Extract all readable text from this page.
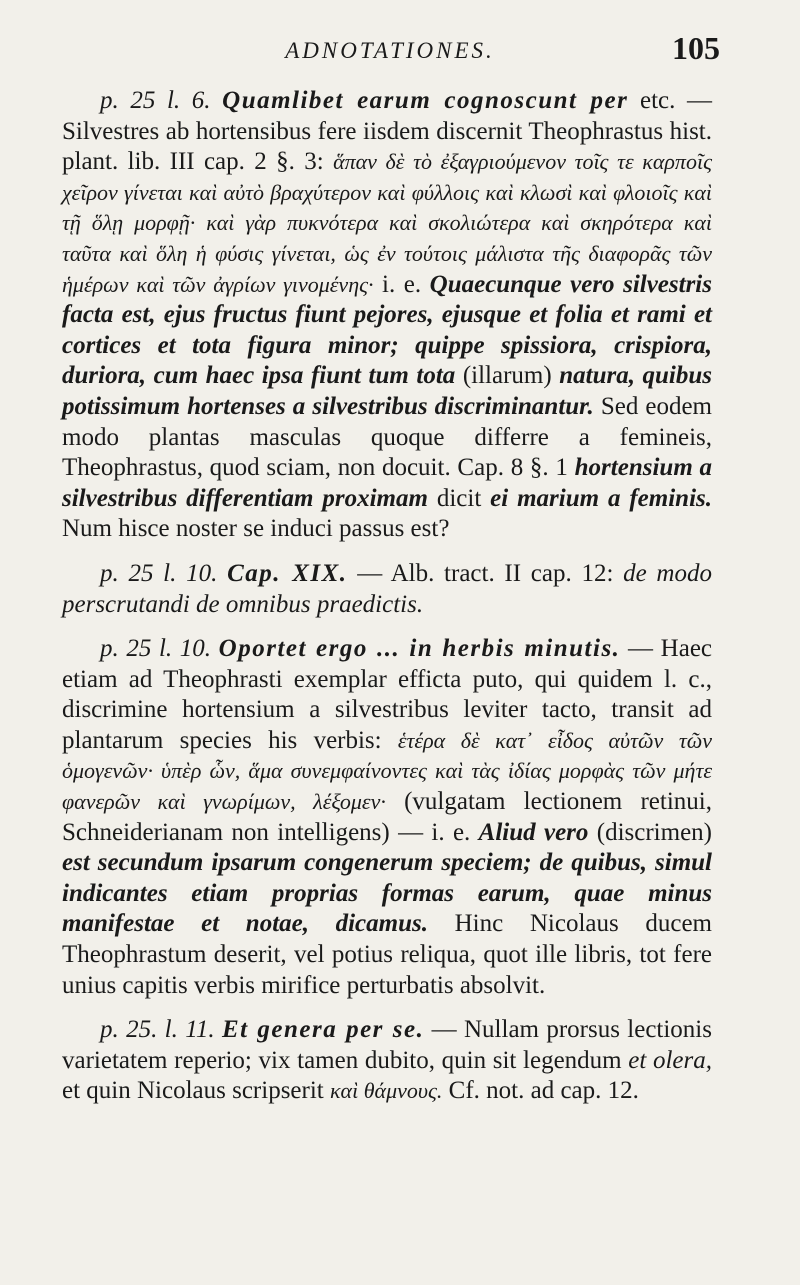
ADNOTATIONES.	105

p. 25 l. 6. Quamlibet earum cognoscunt per etc. — Silvestres ab hortensibus fere iisdem discernit Theophrastus hist. plant. lib. III cap. 2 §. 3: ἅπαν δὲ τὸ ἐξαγριούμενον τοῖς τε καρποῖς χεῖρον γίνεται καὶ αὐτὸ βραχύτερον καὶ φύλλοις καὶ κλωσὶ καὶ φλοιοῖς καὶ τῇ ὅλῃ μορφῇ· καὶ γὰρ πυκνότερα καὶ σκολιώτερα καὶ σκηρότερα καὶ ταῦτα καὶ ὅλη ἡ φύσις γίνεται, ὡς ἐν τούτοις μάλιστα τῆς διαφορᾶς τῶν ἡμέρων καὶ τῶν ἀγρίων γινομένης· i. e. Quaecunque vero silvestris facta est, ejus fructus fiunt pejores, ejusque et folia et rami et cortices et tota figura minor; quippe spissiora, crispiora, duriora, cum haec ipsa fiunt tum tota (illarum) natura, quibus potissimum hortenses a silvestribus discriminantur. Sed eodem modo plantas masculas quoque differre a femineis, Theophrastus, quod sciam, non docuit. Cap. 8 §. 1 hortensium a silvestribus differentiam proximam dicit ei marium a feminis. Num hisce noster se induci passus est?

p. 25 l. 10. Cap. XIX. — Alb. tract. II cap. 12: de modo perscrutandi de omnibus praedictis.

p. 25 l. 10. Oportet ergo ... in herbis minutis. — Haec etiam ad Theophrasti exemplar efficta puto, qui quidem l. c., discrimine hortensium a silvestribus leviter tacto, transit ad plantarum species his verbis: ἑτέρα δὲ κατ᾿ εἶδος αὐτῶν τῶν ὁμογενῶν· ὑπὲρ ὧν, ἅμα συνεμφαίνοντες καὶ τὰς ἰδίας μορφὰς τῶν μήτε φανερῶν καὶ γνωρίμων, λέξομεν· (vulgatam lectionem retinui, Schneiderianam non intelligens) — i. e. Aliud vero (discrimen) est secundum ipsarum congenerum speciem; de quibus, simul indicantes etiam proprias formas earum, quae minus manifestae et notae, dicamus. Hinc Nicolaus ducem Theophrastum deserit, vel potius reliqua, quot ille libris, tot fere unius capitis verbis mirifice perturbatis absolvit.

p. 25. l. 11. Et genera per se. — Nullam prorsus lectionis varietatem reperio; vix tamen dubito, quin sit legendum et olera, et quin Nicolaus scripserit καὶ θάμνους. Cf. not. ad cap. 12.
